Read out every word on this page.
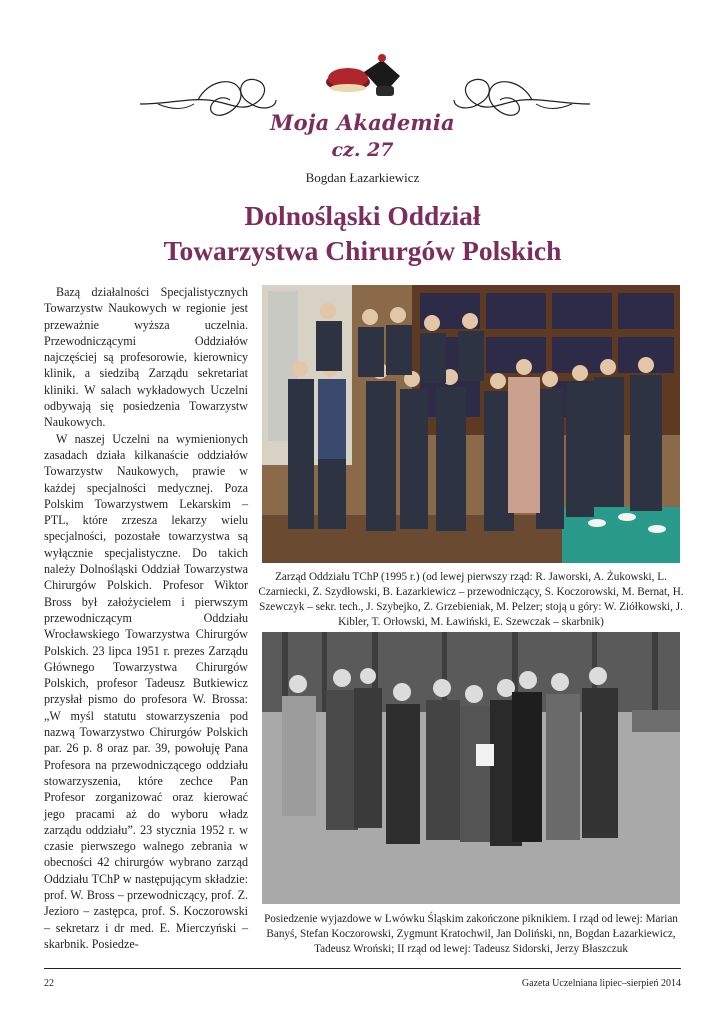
Moja Akademia
cz. 27
Bogdan Łazarkiewicz
Dolnośląski Oddział
Towarzystwa Chirurgów Polskich

Bazą działalności Specjalistycznych Towarzystw Naukowych w regionie jest przeważnie wyższa uczelnia. Przewodniczącymi Oddziałów najczęściej są profesorowie, kierownicy klinik, a siedzibą Zarządu sekretariat kliniki. W salach wykładowych Uczelni odbywają się posiedzenia Towarzystw Naukowych.

W naszej Uczelni na wymienionych zasadach działa kilkanaście oddziałów Towarzystw Naukowych, prawie w każdej specjalności medycznej. Poza Polskim Towarzystwem Lekarskim – PTL, które zrzesza lekarzy wielu specjalności, pozostałe towarzystwa są wyłącznie specjalistyczne. Do takich należy Dolnośląski Oddział Towarzystwa Chirurgów Polskich. Profesor Wiktor Bross był założycielem i pierwszym przewodniczącym Oddziału Wrocławskiego Towarzystwa Chirurgów Polskich. 23 lipca 1951 r. prezes Zarządu Głównego Towarzystwa Chirurgów Polskich, profesor Tadeusz Butkiewicz przysłał pismo do profesora W. Brossa: „W myśl statutu stowarzyszenia pod nazwą Towarzystwo Chirurgów Polskich par. 26 p. 8 oraz par. 39, powołuję Pana Profesora na przewodniczącego oddziału stowarzyszenia, które zechce Pan Profesor zorganizować oraz kierować jego pracami aż do wyboru władz zarządu oddziału”. 23 stycznia 1952 r. w czasie pierwszego walnego zebrania w obecności 42 chirurgów wybrano zarząd Oddziału TChP w następującym składzie: prof. W. Bross – przewodniczący, prof. Z. Jezioro – zastępca, prof. S. Koczorowski – sekretarz i dr med. E. Mierczyński – skarbnik. Posiedze-

Zarząd Oddziału TChP (1995 r.) (od lewej pierwszy rząd: R. Jaworski, A. Żukowski, L. Czarniecki, Z. Szydłowski, B. Łazarkiewicz – przewodniczący, S. Koczorowski, M. Bernat, H. Szewczyk – sekr. tech., J. Szybejko, Z. Grzebieniak, M. Pelzer; stoją u góry: W. Ziółkowski, J. Kibler, T. Orłowski, M. Ławiński, E. Szewczak – skarbnik)
Posiedzenie wyjazdowe w Lwówku Śląskim zakończone piknikiem. I rząd od lewej: Marian Banyś, Stefan Koczorowski, Zygmunt Kratochwil, Jan Doliński, nn, Bogdan Łazarkiewicz, Tadeusz Wroński; II rząd od lewej: Tadeusz Sidorski, Jerzy Błaszczuk
22	Gazeta Uczelniana lipiec–sierpień 2014
